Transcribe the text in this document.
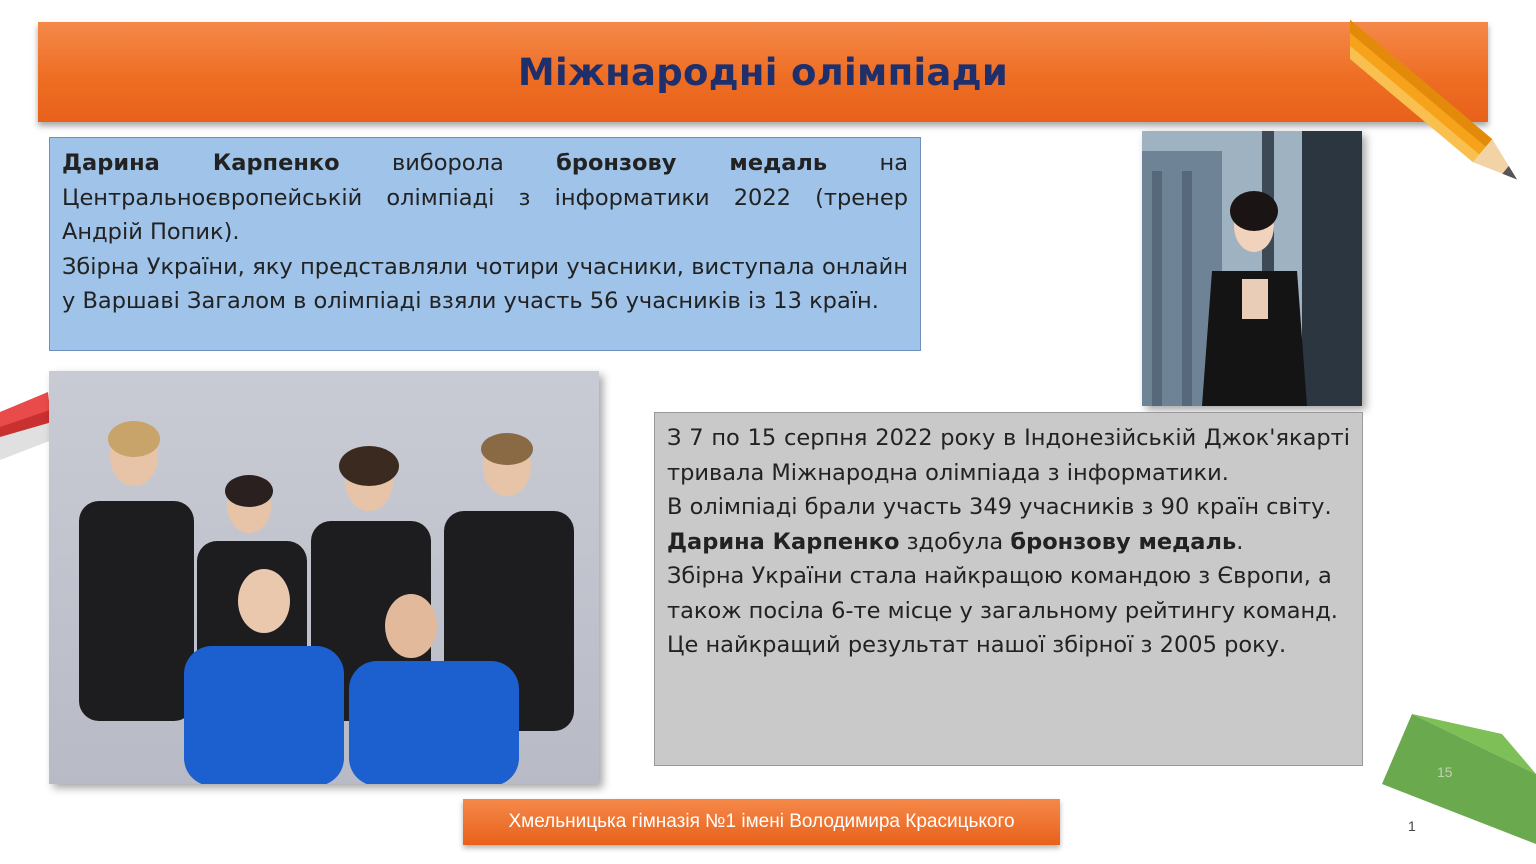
Міжнародні олімпіади

Дарина Карпенко виборола бронзову медаль на Центральноєвропейській олімпіаді з інформатики 2022 (тренер Андрій Попик).

Збірна України, яку представляли чотири учасники, виступала онлайн у Варшаві Загалом в олімпіаді взяли участь 56 учасників із 13 країн.

З 7 по 15 серпня 2022 року в Індонезійській Джок'якарті тривала Міжнародна олімпіада з інформатики.

В олімпіаді брали участь 349 учасників з 90 країн світу.

Дарина Карпенко здобула бронзову медаль.

Збірна України стала найкращою командою з Європи, а також посіла 6-те місце у загальному рейтингу команд.

Це найкращий результат нашої збірної з 2005 року.

Хмельницька гімназія №1 імені Володимира Красицького
15
1
